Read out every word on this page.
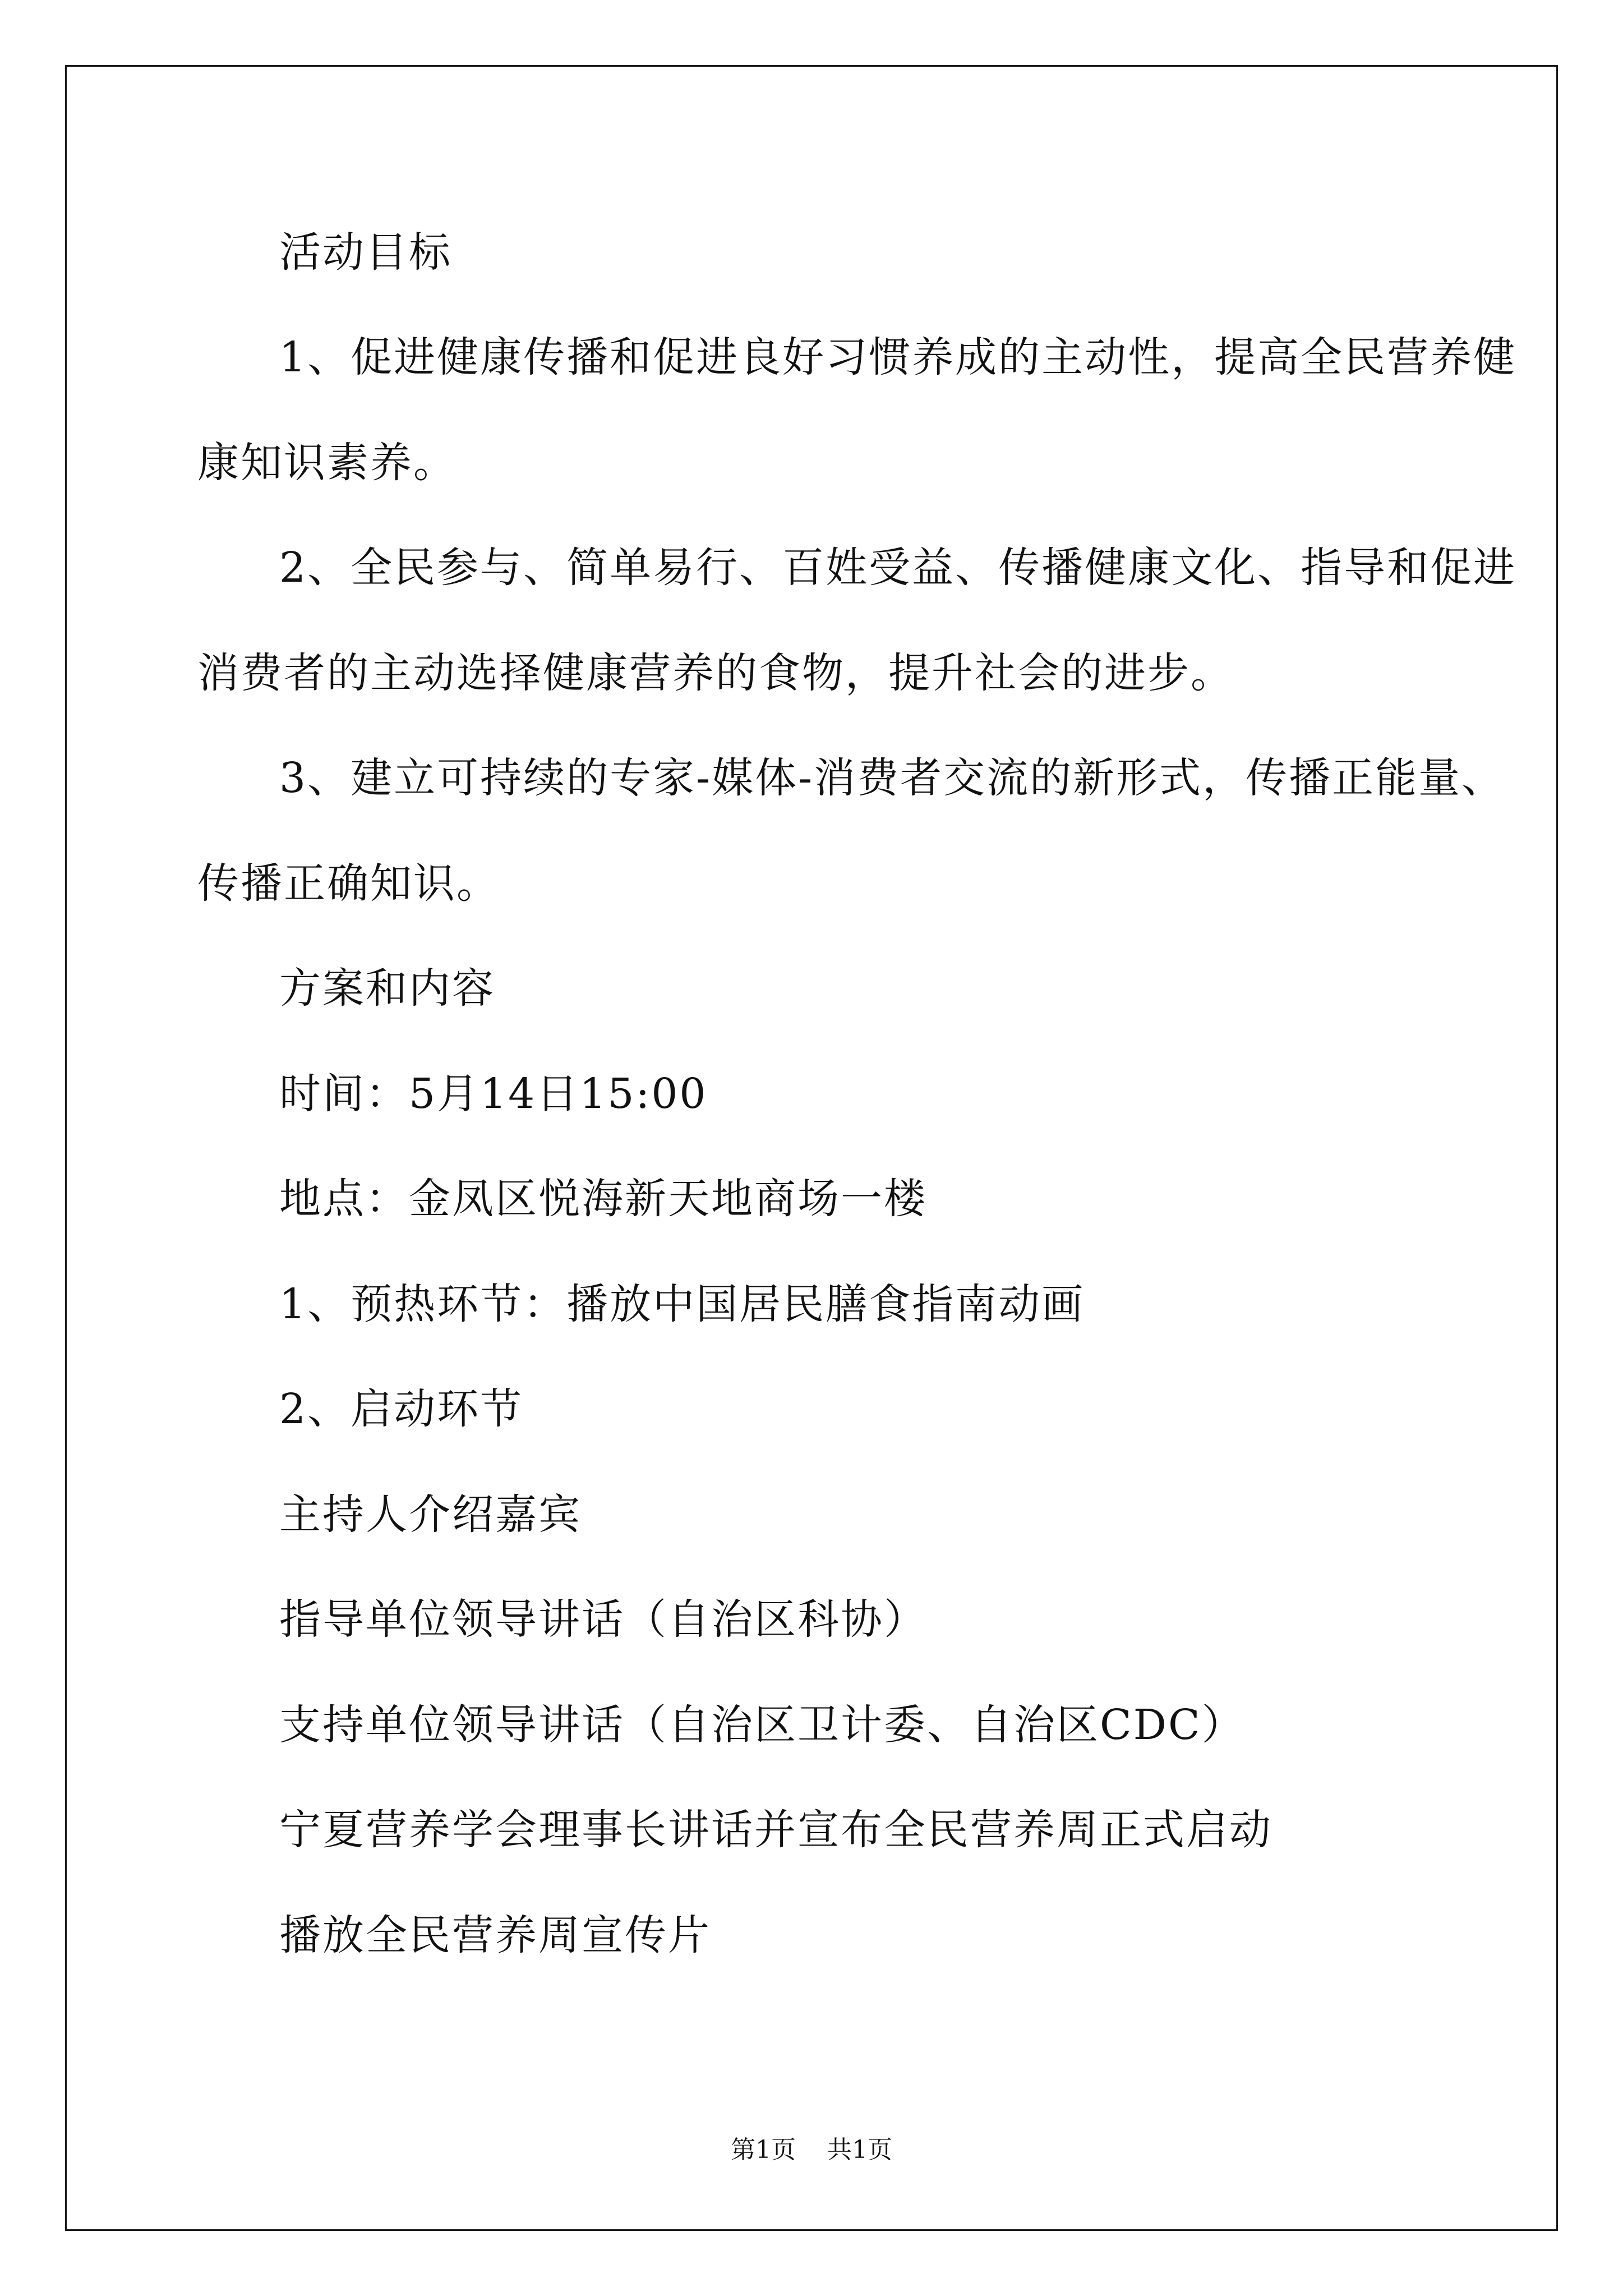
活动目标

1、促进健康传播和促进良好习惯养成的主动性，提高全民营养健

康知识素养。

2、全民参与、简单易行、百姓受益、传播健康文化、指导和促进

消费者的主动选择健康营养的食物，提升社会的进步。

3、建立可持续的专家-媒体-消费者交流的新形式，传播正能量、

传播正确知识。

方案和内容

时间：5月14日15:00

地点：金凤区悦海新天地商场一楼

1、预热环节：播放中国居民膳食指南动画

2、启动环节

主持人介绍嘉宾

指导单位领导讲话（自治区科协）

支持单位领导讲话（自治区卫计委、自治区CDC）

宁夏营养学会理事长讲话并宣布全民营养周正式启动

播放全民营养周宣传片

第1页 共1页
